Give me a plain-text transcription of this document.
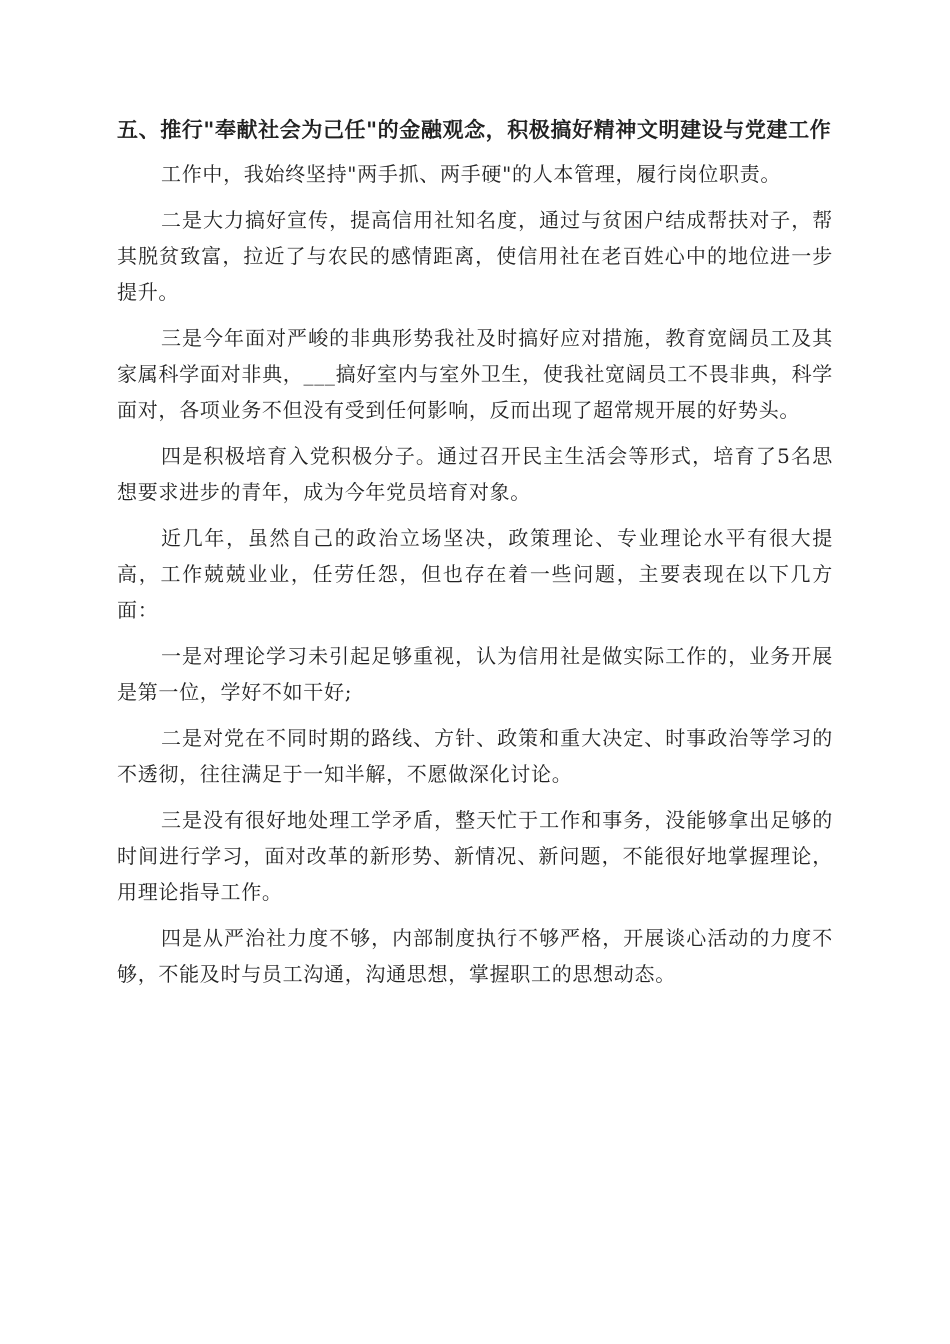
五、推行"奉献社会为己任"的金融观念，积极搞好精神文明建设与党建工作

工作中，我始终坚持"两手抓、两手硬"的人本管理，履行岗位职责。

二是大力搞好宣传，提高信用社知名度，通过与贫困户结成帮扶对子，帮其脱贫致富，拉近了与农民的感情距离，使信用社在老百姓心中的地位进一步提升。

三是今年面对严峻的非典形势我社及时搞好应对措施，教育宽阔员工及其家属科学面对非典，___搞好室内与室外卫生，使我社宽阔员工不畏非典，科学面对，各项业务不但没有受到任何影响，反而出现了超常规开展的好势头。

四是积极培育入党积极分子。通过召开民主生活会等形式，培育了5名思想要求进步的青年，成为今年党员培育对象。

近几年，虽然自己的政治立场坚决，政策理论、专业理论水平有很大提高，工作兢兢业业，任劳任怨，但也存在着一些问题，主要表现在以下几方面：

一是对理论学习未引起足够重视，认为信用社是做实际工作的，业务开展是第一位，学好不如干好;

二是对党在不同时期的路线、方针、政策和重大决定、时事政治等学习的不透彻，往往满足于一知半解，不愿做深化讨论。

三是没有很好地处理工学矛盾，整天忙于工作和事务，没能够拿出足够的时间进行学习，面对改革的新形势、新情况、新问题，不能很好地掌握理论，用理论指导工作。

四是从严治社力度不够，内部制度执行不够严格，开展谈心活动的力度不够，不能及时与员工沟通，沟通思想，掌握职工的思想动态。
